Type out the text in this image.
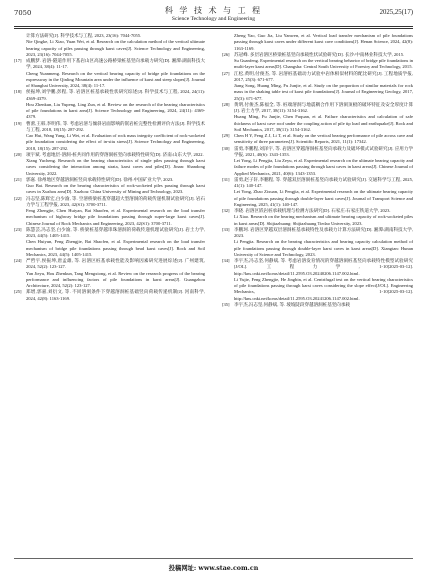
7050	科 学 技 术 与 工 程
Science Technology and Engineering
2025,25(17)
计算方法研究[J]. 科学技术与工程, 2023, 23(16): 7044-7055.
Nie Qingke, Li Xiao, Yuan Wei, et al. Research on the calculation method of the vertical ultimate bearing capacity of piles passing through karst caves[J]. Science Technology and Engineering, 2023, 23(16): 7044-7055.
[17] 成鹏梦. 岩溶-隧道作用下基岩山区高速公路桥梁桩基竖向承载力研究[D]. 湘潭:湖南科技大学, 2024, 38(4): 11-17.
Cheng Yuanmeng. Research on the vertical bearing capacity of bridge pile foundations on the expressway in the Qinling Mountain area under the influence of karst and steep slopes[J]. Journal of Shanghai University, 2024, 38(4): 11-17.
[18] 侯振坤,刘学鹏,彭程, 等. 岩溶区桩基承载性状研究综述[J]. 科学技术与工程, 2024, 24(11): 4369-4379.
Hou Zhenkun, Liu Yupeng, Ling Zun, et al. Review on the research of the bearing characteristics of pile foundations in karst area[J]. Science Technology and Engineering, 2024, 24(11): 4369-4379.
[19] 曹蕾,王韩,李明伟, 等. 考虑岩溶与倾斜岩面影响的嵌岩桩完整性检测评价方法[J]. 科学技术与工程, 2018, 18(15): 287-292.
Cao Hui, Wang Yang, Li Wei, et al. Evaluation of rock mass integrity coefficient of rock-socketed pile foundation considering the effect of in-situ stress[J]. Science Technology and Engineering, 2018, 18(15): 287-292.
[20] 项宇斌. 考虑地层-溶洞-桩共同作用的穿溶洞桩竖向承载特性研究[D]. 济南:山东大学, 2022.
Xiang Yucheng. Research on the bearing characteristics of single piles passing through karst caves considering the interaction among strata, karst caves and piles[D]. Jinan: Shandong University, 2022.
[21] 郭嘉. 徐州地区穿越溶洞桩竖向承载特性研究[D]. 徐州:中国矿业大学, 2023.
Guo Bai. Research on the bearing characteristics of rock-socketed piles passing through karst caves in Xuzhou area[D]. Xuzhou: China University of Mining and Technology, 2023.
[22] 冯志坚,陈辉宏,白少渝, 等. 空溶桥梁桩基穿越超大型溶洞的荷载传递机制试验研究[J]. 岩石力学与工程学报, 2023, 42(S1): 3700-3711.
Feng Zhengjie, Chen Huiyan, Bai Shaofen, et al. Experimental research on the load transfer mechanism of highway bridge pile foundations passing through super-large karst caves[J]. Chinese Journal of Rock Mechanics and Engineering, 2023, 42(S1): 3700-3711.
[23] 陈慧芸,冯志坚,白少渝, 等. 桥梁桩基穿越串珠溶洞的荷载传递机理试验研究[J]. 岩土力学, 2023, 44(5): 1405-1415.
Chen Huiyun, Feng Zhengjie, Bai Shaofen, et al. Experimental research on the load transfer mechanism of bridge pile foundations passing through bead karst caves[J]. Rock and Soil Mechanics, 2023, 44(5): 1405-1415.
[24] 严哲宇,侯振坤,唐孟雄, 等. 岩溶区桩基承载性能及影响因素研究进展综述[J]. 广州建筑, 2024, 52(2): 123-127.
Yan Jieyu, Hou Zhenkun, Tang Mengxiong, et al. Review on the research progress of the bearing performance and influencing factors of pile foundations in karst areas[J]. Guangzhou Architecture, 2024, 52(2): 123-127.
[25] 郑增,郭嘉,刘衍文, 等. 不同溶洞条件下穿越溶洞桩基础竖向荷载传递机制[J]. 河南科学, 2024, 42(8): 1163-1169.
Zheng Yao, Guo Jia, Liu Yanwen, et al. Vertical load transfer mechanism of pile foundations passing through karst caves under different karst cave conditions[J]. Henan Science, 2024, 42(8): 1163-1169.
[26] 苏冠峰. 多层岩溶区桥梁桩基竖向承载性状试验研究[D]. 长沙:中南林业科技大学, 2015.
Su Guanfeng. Experimental research on the vertical bearing behavior of bridge pile foundations in multi-layer karst areas[D]. Changsha: Central South University of Forestry and Technology, 2015.
[27] 江松,黄明,付俊杰, 等. 岩溶桩基础动力试验中岩体相似材料的配比研究[J]. 工程地质学报, 2017, 25(3): 671-677.
Jiang Song, Huang Ming, Fu Junjie, et al. Study on the proportion of similar materials for rock mass in the shaking table test of karst pile foundations[J]. Journal of Engineering Geology, 2017, 25(3): 671-677.
[28] 黄明,付俊杰,陈福全, 等. 桩端溶洞与地震耦合作用下溶洞顶板的破坏特征及安全厚度计算[J]. 岩土力学, 2017, 38(11): 3154-3162.
Huang Ming, Fu Junjie, Chen Fuquan, et al. Failure characteristics and calculation of safe thickness of karst cave roof under the coupling action of pile tip load and earthquake[J]. Rock and Soil Mechanics, 2017, 38(11): 3154-3162.
[29] Chen H Y, Feng Z J, Li T, et al. Study on the vertical bearing performance of pile across cave and sensitivity of three parameters[J]. Scientific Reports, 2021, 11(1): 17342.
[30] 雷勇,李鹏程,刘泽宇, 等. 岩溶区穿越溶洞桩基竖向承载力及破坏模式试验研究[J]. 应用力学学报, 2021, 40(6): 1343-1353.
Lei Yong, Li Pengjia, Liu Zeyu, et al. Experimental research on the ultimate bearing capacity and failure modes of pile foundations passing through karst caves in karst areas[J]. Chinese Journal of Applied Mechanics, 2021, 40(6): 1343-1353.
[31] 雷勇,赵子轩,李鹏程, 等. 穿越双层溶洞桩基竖向承载力试验研究[J]. 交通科学与工程, 2025, 41(1): 140-147.
Lei Yong, Zhao Zixuan, Li Pengjia, et al. Experimental research on the ultimate bearing capacity of pile foundations passing through double-layer karst caves[J]. Journal of Transport Science and Engineering, 2025, 41(1): 140-147.
[32] 李晓. 岩溶区嵌岩桩承载机理与检测方法研究[D]. 石家庄:石家庄铁道大学, 2023.
Li Xiao. Research on the bearing mechanism and ultimate bearing capacity of rock-socketed piles in karst areas[D]. Shijiazhuang: Shijiazhuang Tiedao University, 2023.
[33] 李鹏珂. 岩溶区穿越双层溶洞桩基承载特性及承载力计算方法研究[D]. 湘潭:湖南科技大学, 2023.
Li Pengjia. Research on the bearing characteristics and bearing capacity calculation method of pile foundations passing through double-layer karst caves in karst areas[D]. Xiangtan: Hunan University of Science and Technology, 2023.
[34] 李宇杰,冯志坚,何静斌, 等. 考虑岩溶发育情况的穿越溶洞桩基竖向承载特性模型试验研究[J/OL]. 工程力学, 1-10[2025-03-12]. http://kns.cnki.net/kcms/detail/11.2595.O3.20240206.1147.002.html.
Li Yujie, Feng Zhengjie, He Jingbin, et al. Centrifugal test on the vertical bearing characteristics of pile foundations passing through karst caves considering the slope effect[J/OL]. Engineering Mechanics, 1-10[2025-03-12]. http://kns.cnki.net/kcms/detail/11.2595.O3.20241206.1147.002.html.
[35] 李宇杰,冯志坚,何静斌, 等. 坡坡陡段穿越溶洞桩基竖向承载
投稿网址: www.stae.com.cn
